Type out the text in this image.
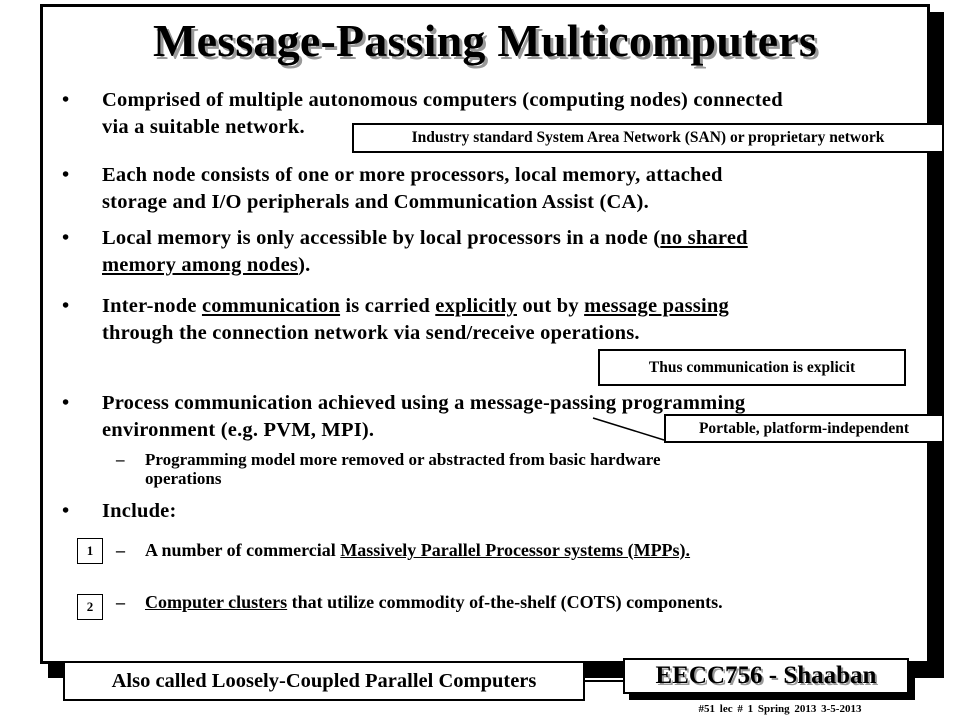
Message-Passing Multicomputers
• Comprised of multiple autonomous computers (computing nodes) connected
via a suitable network.	Industry standard System Area Network (SAN) or proprietary network
• Each node consists of one or more processors, local memory, attached
storage and I/O peripherals and Communication Assist (CA).
• Local memory is only accessible by local processors in a node (no shared
memory among nodes).
• Inter-node communication is carried explicitly out by message passing
through the connection network via send/receive operations.
Thus communication is explicit
• Process communication achieved using a message-passing programming
environment (e.g. PVM, MPI).	Portable, platform-independent
– Programming model more removed or abstracted from basic hardware
operations
• Include:
1	– A number of commercial Massively Parallel Processor systems (MPPs).
2	– Computer clusters that utilize commodity of-the-shelf (COTS) components.
Also called Loosely-Coupled Parallel Computers	EECC756 - Shaaban
#51 lec # 1 Spring 2013 3-5-2013
